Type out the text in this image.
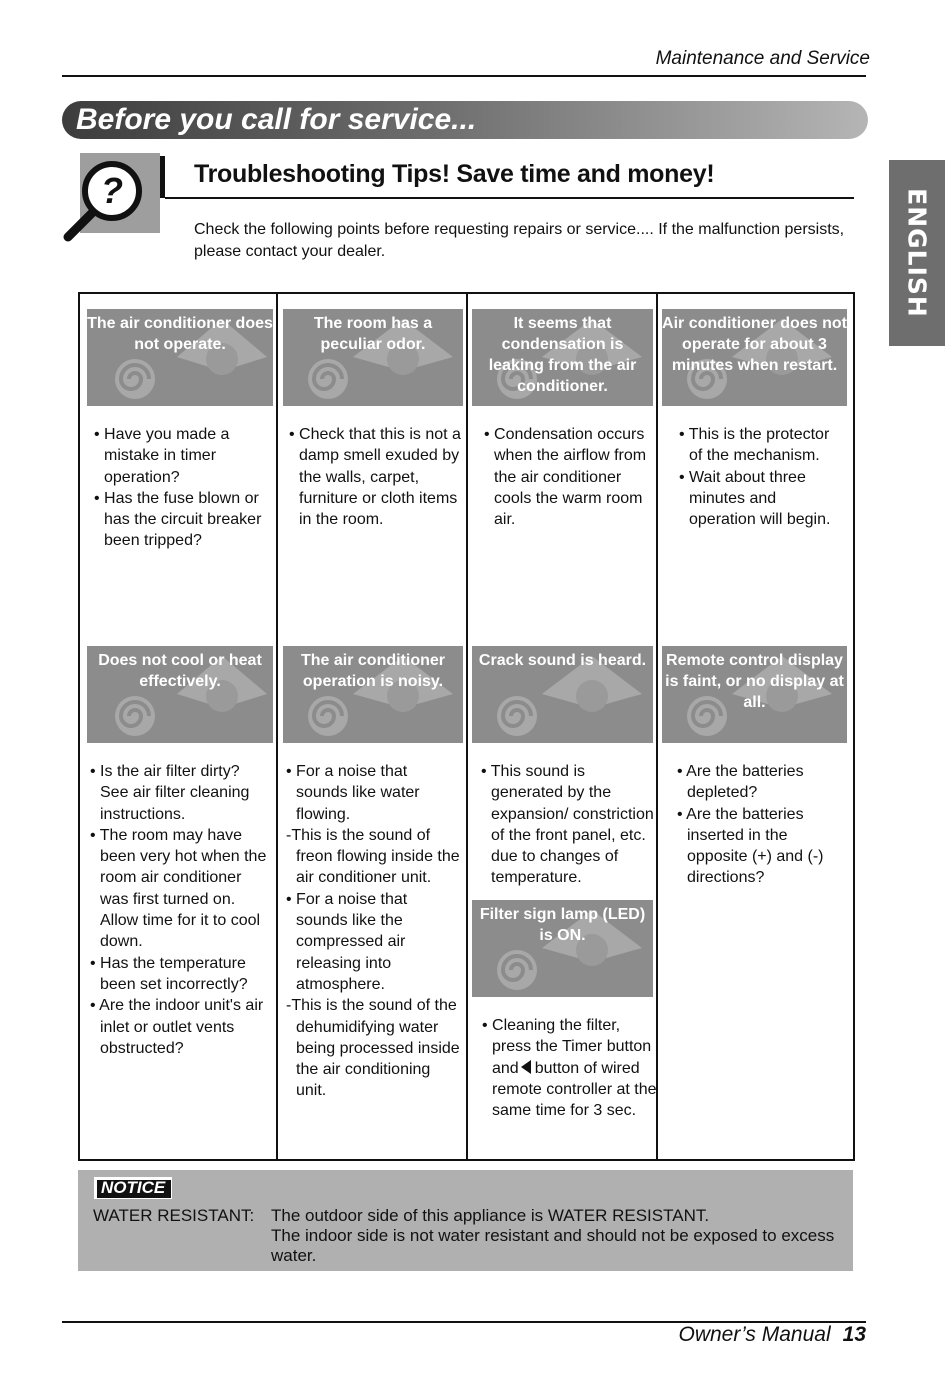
Maintenance and Service
Before you call for service...
ENGLISH
?	Troubleshooting Tips! Save time and money!
Check the following points before requesting repairs or service.... If the malfunction persists, please contact your dealer.
The air conditioner does not operate.
The room has a peculiar odor.
It seems that condensation is leaking from the air conditioner.
Air conditioner does not operate for about 3 minutes when restart.
• Have you made a mistake in timer operation?
• Has the fuse blown or has the circuit breaker been tripped?
• Check that this is not a damp smell exuded by the walls, carpet, furniture or cloth items in the room.
• Condensation occurs when the airflow from the air conditioner cools the warm room air.
• This is the protector of the mechanism.
• Wait about three minutes and operation will begin.
Does not cool or heat effectively.
The air conditioner operation is noisy.
Crack sound is heard.	Remote control display is faint, or no display at all.
• Is the air filter dirty? See air filter cleaning instructions.
• The room may have been very hot when the room air conditioner was first turned on. Allow time for it to cool down.
• Has the temperature been set incorrectly?
• Are the indoor unit's air inlet or outlet vents obstructed?
• For a noise that sounds like water flowing.
-This is the sound of freon flowing inside the air conditioner unit.
• For a noise that sounds like the compressed air releasing into atmosphere.
-This is the sound of the dehumidifying water being processed inside the air conditioning unit.
• This sound is generated by the expansion/ constriction of the front panel, etc. due to changes of temperature.
• Are the batteries depleted?
• Are the batteries inserted in the opposite (+) and (-) directions?
Filter sign lamp (LED) is ON.
• Cleaning the filter, press the Timer button and button of wired remote controller at the same time for 3 sec.
NOTICE
WATER RESISTANT: The outdoor side of this appliance is WATER RESISTANT.
The indoor side is not water resistant and should not be exposed to excess water.
Owner’s Manual 13
